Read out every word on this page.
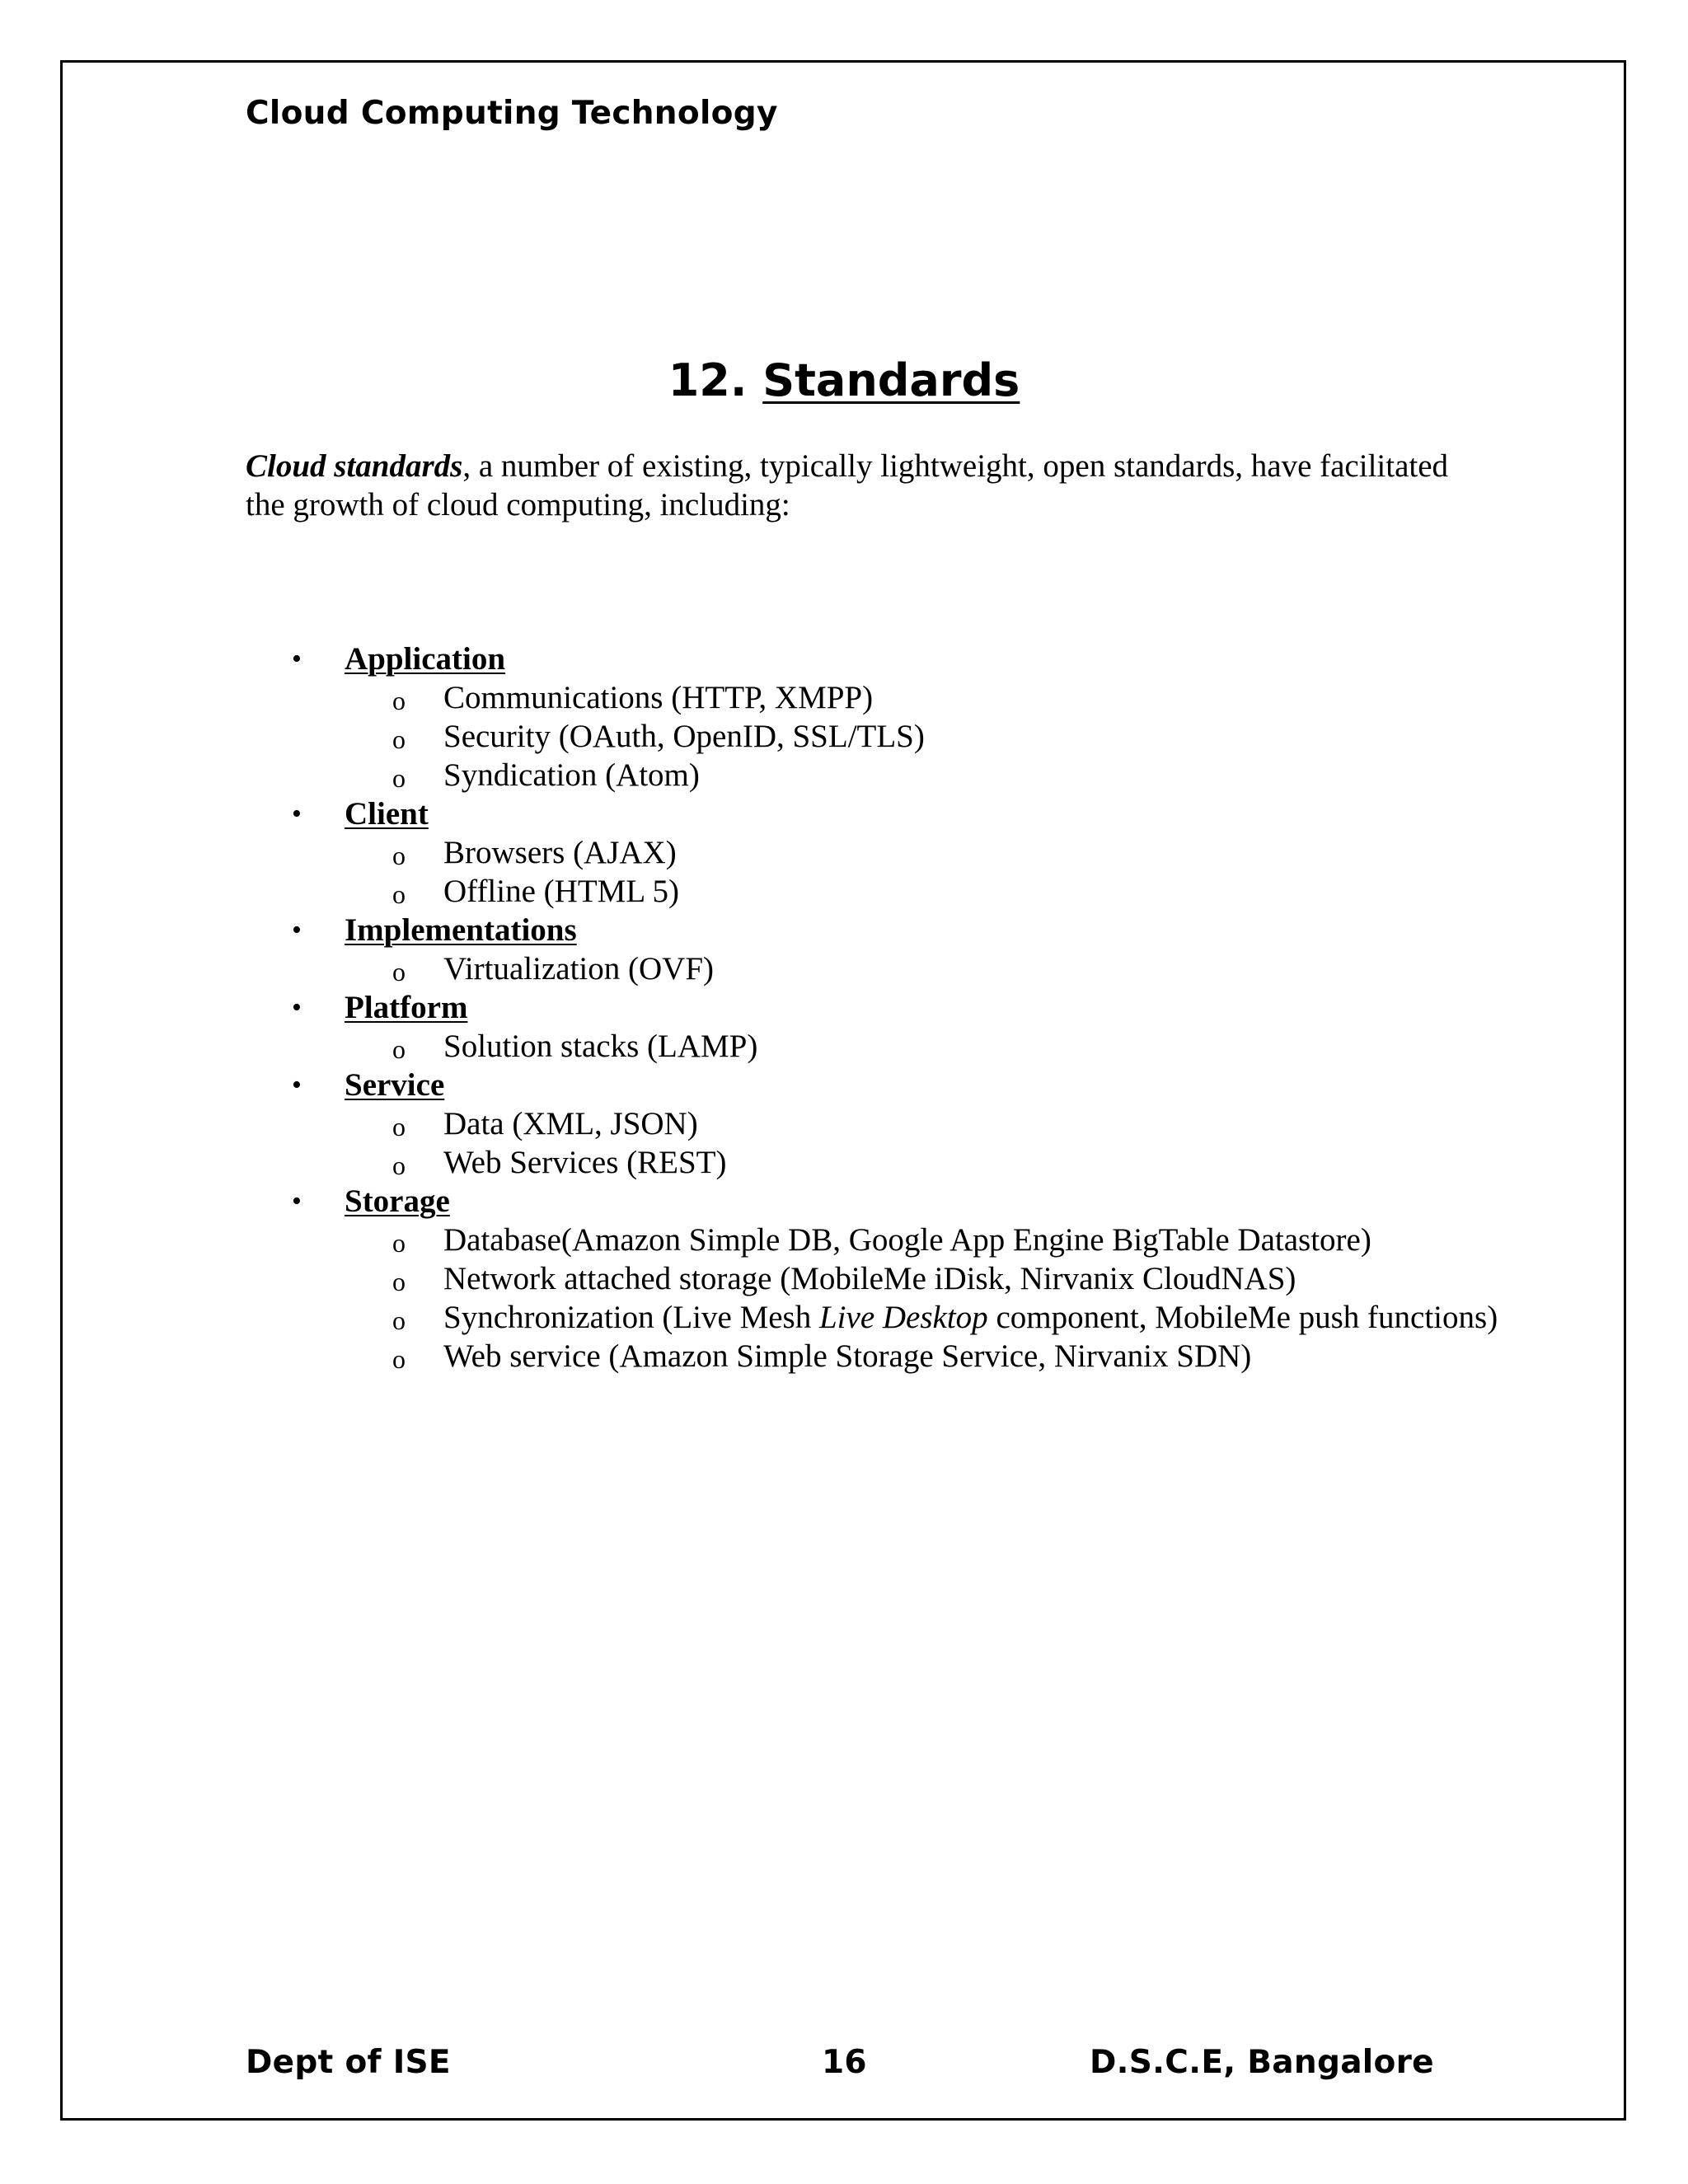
Cloud Computing Technology
12. Standards

Cloud standards, a number of existing, typically lightweight, open standards, have facilitated the growth of cloud computing, including:

• Application
o Communications (HTTP, XMPP)
o Security (OAuth, OpenID, SSL/TLS)
o Syndication (Atom)
• Client
o Browsers (AJAX)
o Offline (HTML 5)
• Implementations
o Virtualization (OVF)
• Platform
o Solution stacks (LAMP)
• Service
o Data (XML, JSON)
o Web Services (REST)
• Storage
o Database(Amazon Simple DB, Google App Engine BigTable Datastore)
o Network attached storage (MobileMe iDisk, Nirvanix CloudNAS)
o Synchronization (Live Mesh Live Desktop component, MobileMe push functions)
o Web service (Amazon Simple Storage Service, Nirvanix SDN)
Dept of ISE	16	D.S.C.E, Bangalore
